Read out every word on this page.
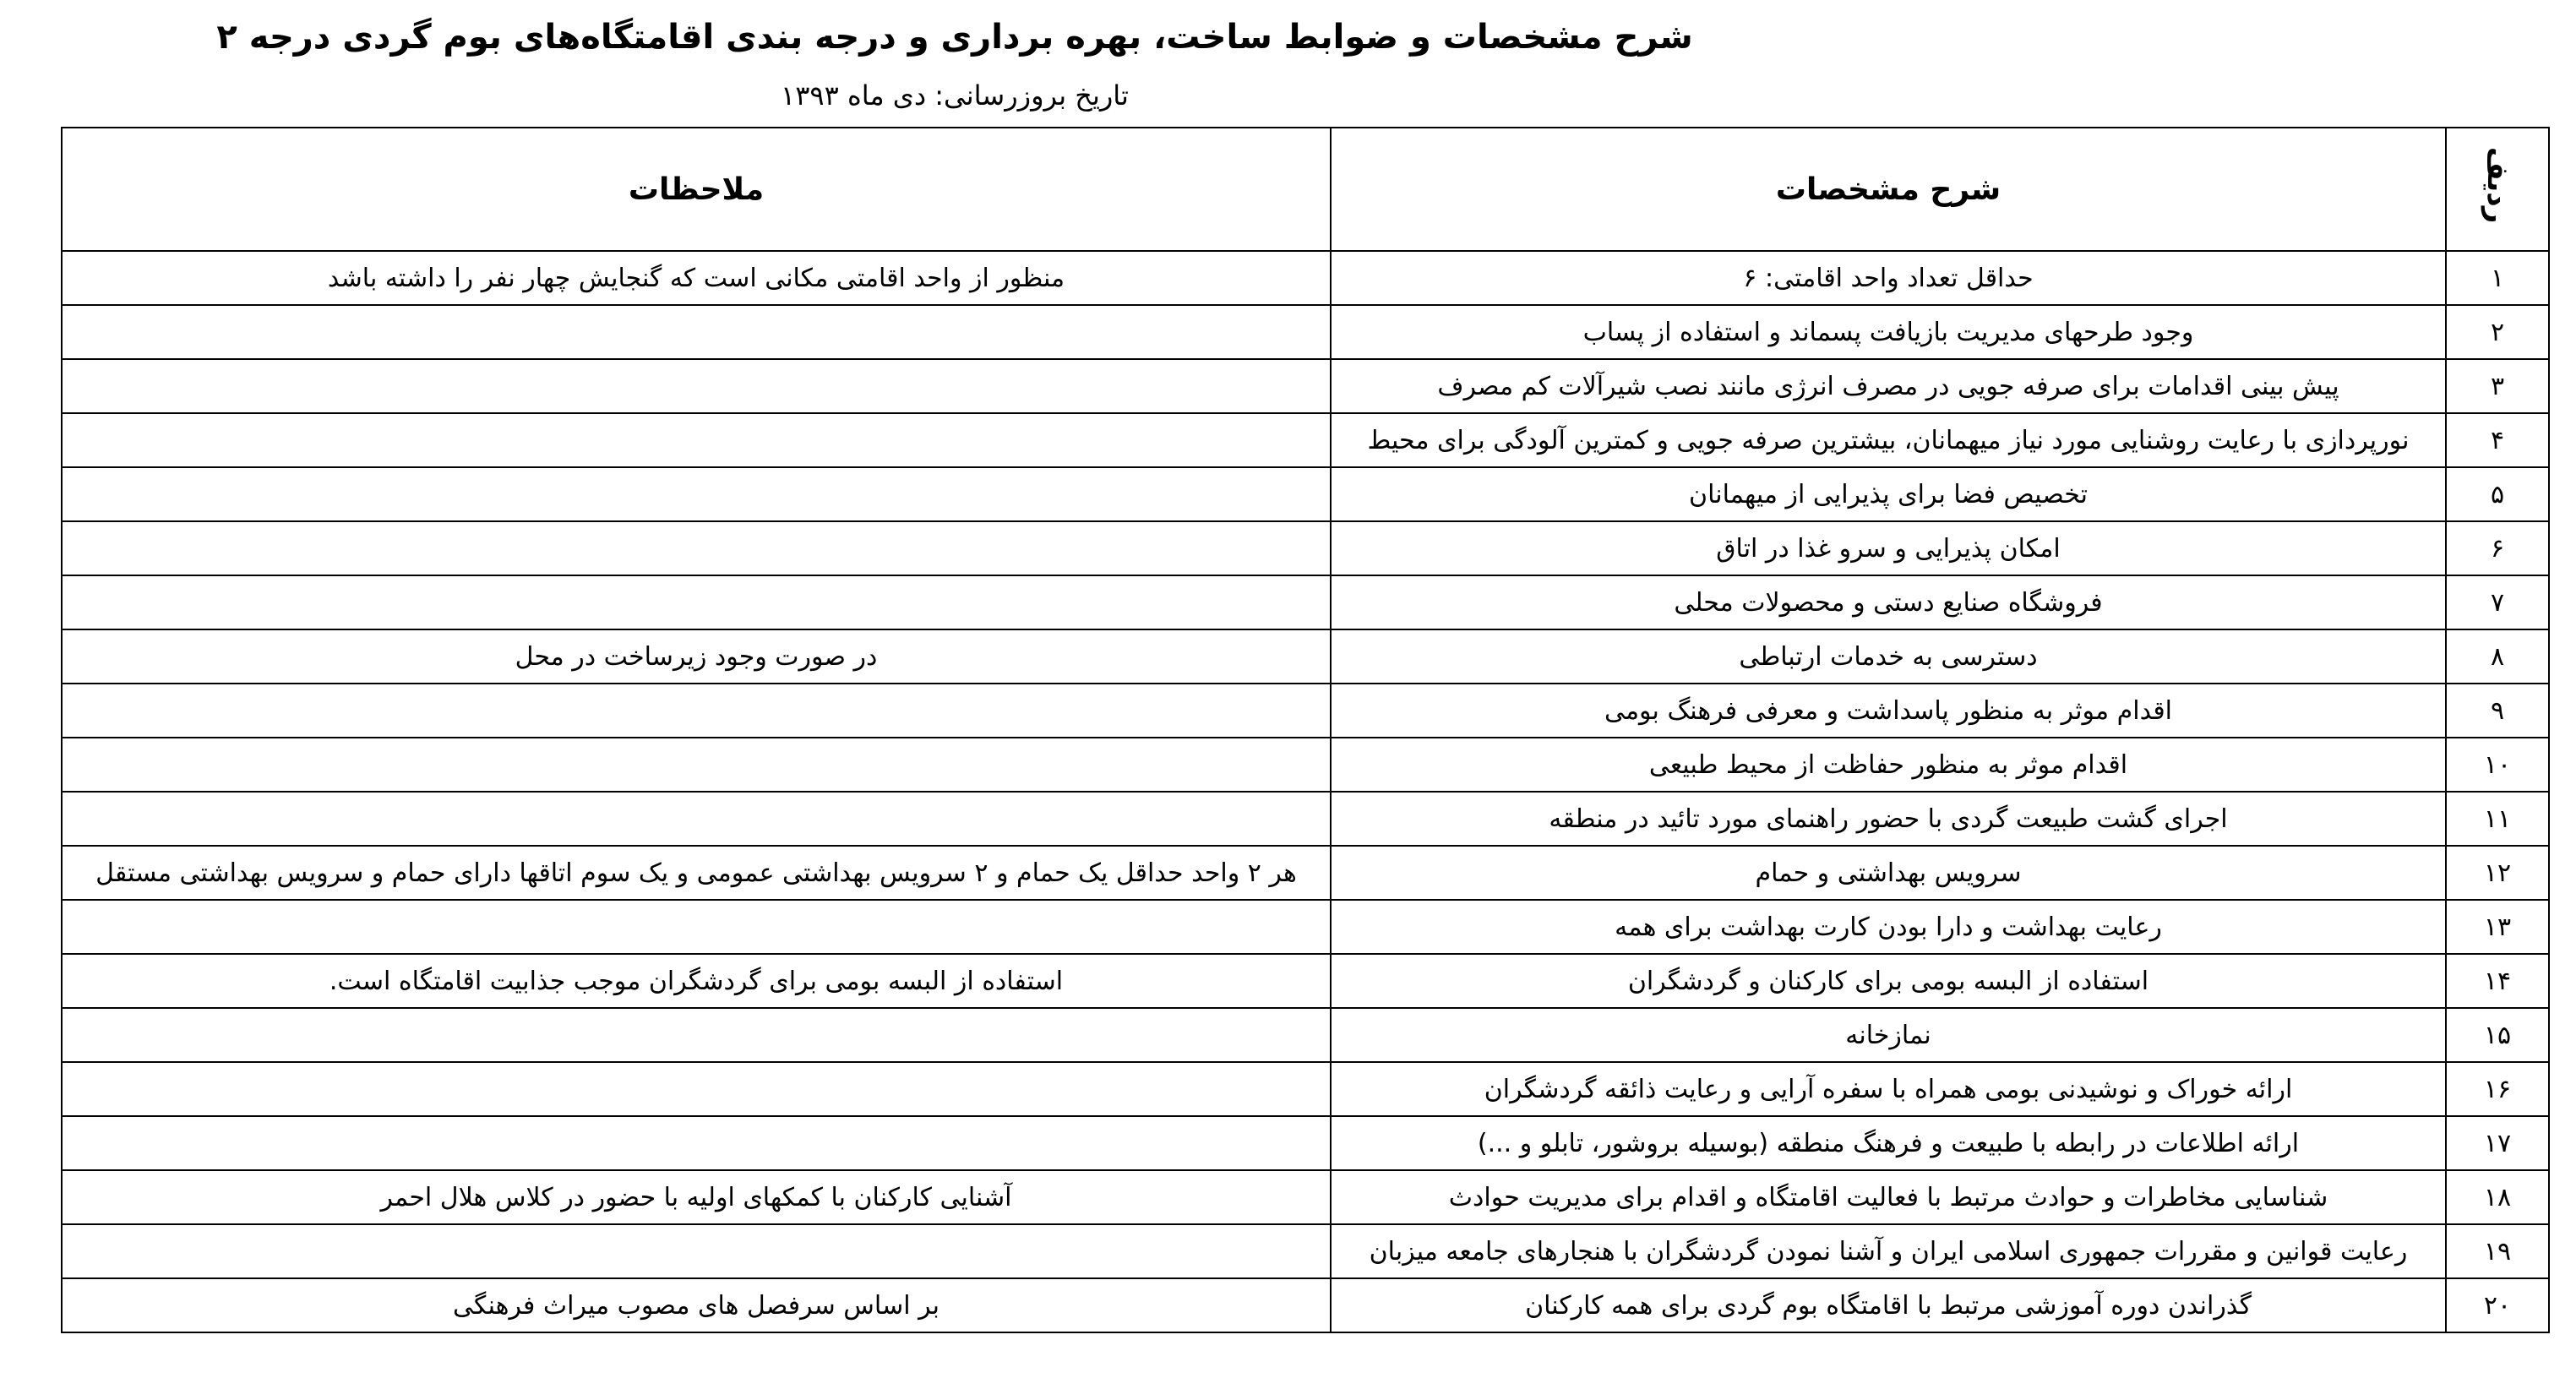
شرح مشخصات و ضوابط ساخت، بهره برداری و درجه بندی اقامتگاه‌های بوم گردی درجه ۲
تاریخ بروزرسانی: دی ماه ۱۳۹۳
ردیف	شرح مشخصات	ملاحظات
۱	حداقل تعداد واحد اقامتی: ۶	منظور از واحد اقامتی مکانی است که گنجایش چهار نفر را داشته باشد
۲	وجود طرحهای مدیریت بازیافت پسماند و استفاده از پساب	
۳	پیش بینی اقدامات برای صرفه جویی در مصرف انرژی مانند نصب شیرآلات کم مصرف	
۴	نورپردازی با رعایت روشنایی مورد نیاز میهمانان، بیشترین صرفه جویی و کمترین آلودگی برای محیط	
۵	تخصیص فضا برای پذیرایی از میهمانان	
۶	امکان پذیرایی و سرو غذا در اتاق	
۷	فروشگاه صنایع دستی و محصولات محلی	
۸	دسترسی به خدمات ارتباطی	در صورت وجود زیرساخت در محل
۹	اقدام موثر به منظور پاسداشت و معرفی فرهنگ بومی	
۱۰	اقدام موثر به منظور حفاظت از محیط طبیعی	
۱۱	اجرای گشت طبیعت گردی با حضور راهنمای مورد تائید در منطقه	
۱۲	سرویس بهداشتی و حمام	هر ۲ واحد حداقل یک حمام و ۲ سرویس بهداشتی عمومی و یک سوم اتاقها دارای حمام و سرویس بهداشتی مستقل
۱۳	رعایت بهداشت و دارا بودن کارت بهداشت برای همه	
۱۴	استفاده از البسه بومی برای کارکنان و گردشگران	استفاده از البسه بومی برای گردشگران موجب جذابیت اقامتگاه است.
۱۵	نمازخانه	
۱۶	ارائه خوراک و نوشیدنی بومی همراه با سفره آرایی و رعایت ذائقه گردشگران	
۱۷	ارائه اطلاعات در رابطه با طبیعت و فرهنگ منطقه (بوسیله بروشور، تابلو و ...)	
۱۸	شناسایی مخاطرات و حوادث مرتبط با فعالیت اقامتگاه و اقدام برای مدیریت حوادث	آشنایی کارکنان با کمکهای اولیه با حضور در کلاس هلال احمر
۱۹	رعایت قوانین و مقررات جمهوری اسلامی ایران و آشنا نمودن گردشگران با هنجارهای جامعه میزبان	
۲۰	گذراندن دوره آموزشی مرتبط با اقامتگاه بوم گردی برای همه کارکنان	بر اساس سرفصل های مصوب میراث فرهنگی
